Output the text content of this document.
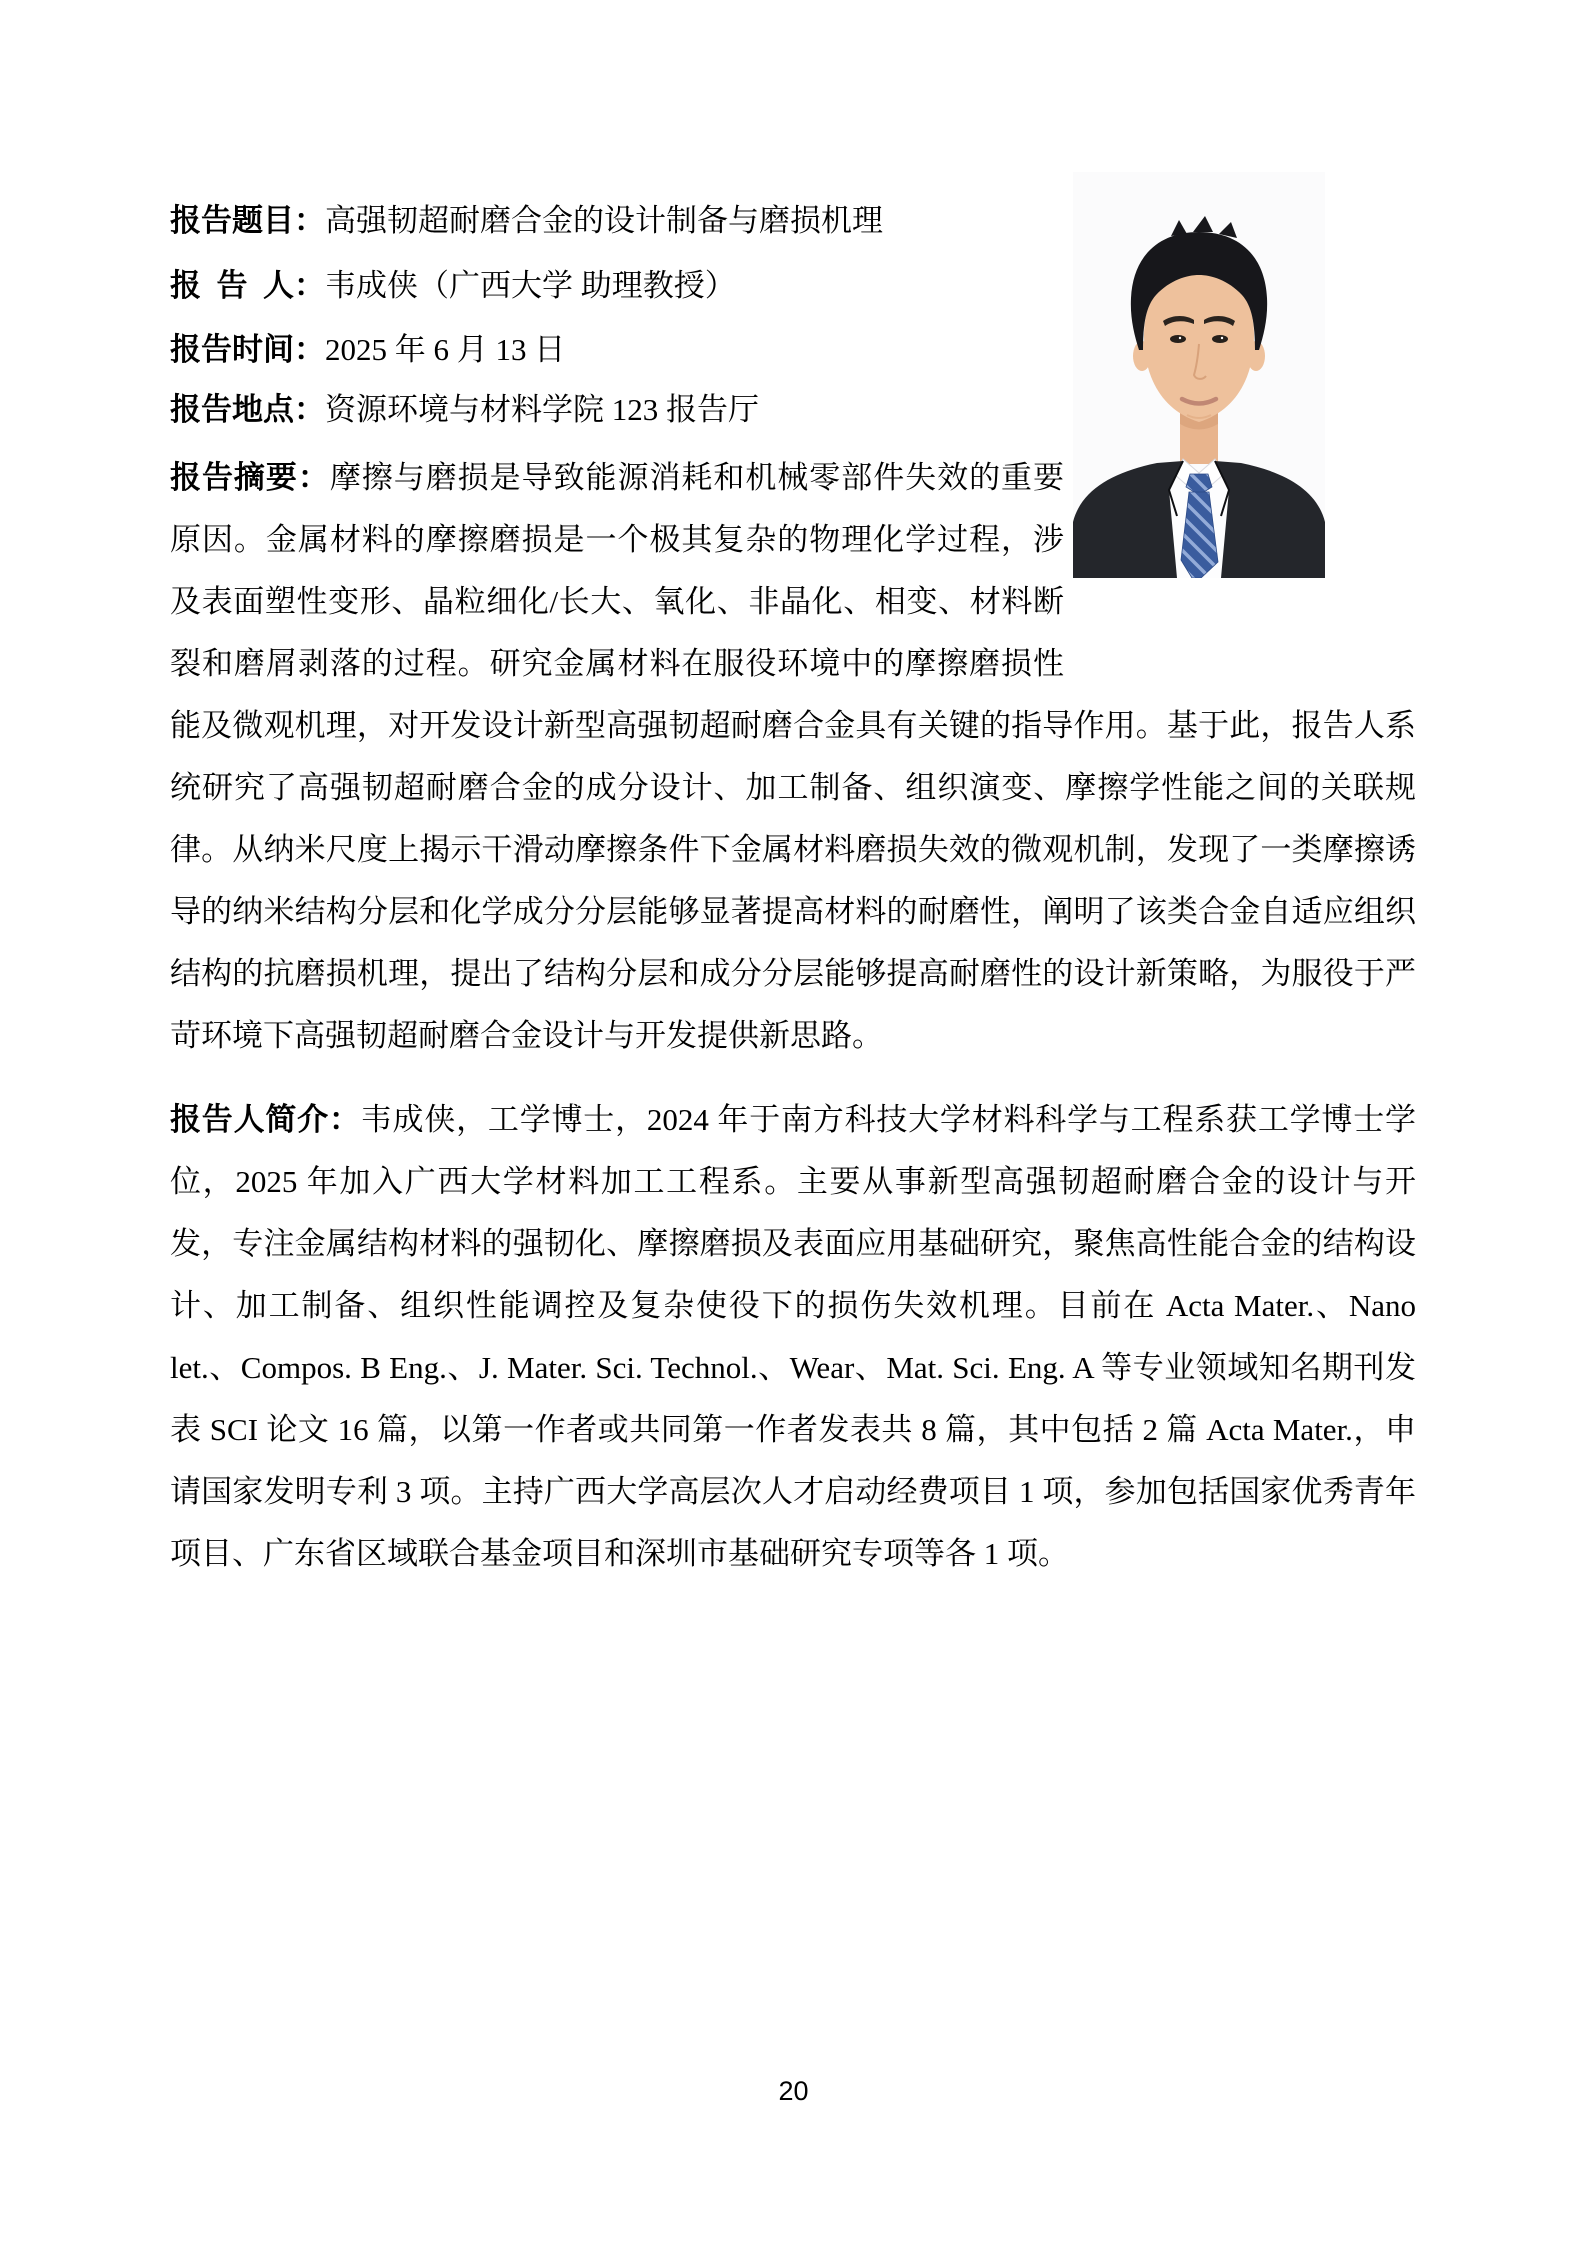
报告题目：高强韧超耐磨合金的设计制备与磨损机理
报 告 人：韦成侠（广西大学 助理教授）
报告时间：2025 年 6 月 13 日
报告地点：资源环境与材料学院 123 报告厅
报告摘要：摩擦与磨损是导致能源消耗和机械零部件失效的重要原因。金属材料的摩擦磨损是一个极其复杂的物理化学过程，涉及表面塑性变形、晶粒细化/长大、氧化、非晶化、相变、材料断裂和磨屑剥落的过程。研究金属材料在服役环境中的摩擦磨损性能及微观机理，对开发设计新型高强韧超耐磨合金具有关键的指导作用。基于此，报告人系统研究了高强韧超耐磨合金的成分设计、加工制备、组织演变、摩擦学性能之间的关联规律。从纳米尺度上揭示干滑动摩擦条件下金属材料磨损失效的微观机制，发现了一类摩擦诱导的纳米结构分层和化学成分分层能够显著提高材料的耐磨性，阐明了该类合金自适应组织结构的抗磨损机理，提出了结构分层和成分分层能够提高耐磨性的设计新策略，为服役于严苛环境下高强韧超耐磨合金设计与开发提供新思路。
报告人简介：韦成侠，工学博士，2024 年于南方科技大学材料科学与工程系获工学博士学位，2025 年加入广西大学材料加工工程系。主要从事新型高强韧超耐磨合金的设计与开发，专注金属结构材料的强韧化、摩擦磨损及表面应用基础研究，聚焦高性能合金的结构设计、加工制备、组织性能调控及复杂使役下的损伤失效机理。目前在 Acta Mater.、Nano let.、Compos. B Eng.、J. Mater. Sci. Technol.、Wear、Mat. Sci. Eng. A 等专业领域知名期刊发表 SCI 论文 16 篇，以第一作者或共同第一作者发表共 8 篇，其中包括 2 篇 Acta Mater.，申请国家发明专利 3 项。主持广西大学高层次人才启动经费项目 1 项，参加包括国家优秀青年项目、广东省区域联合基金项目和深圳市基础研究专项等各 1 项。
20
